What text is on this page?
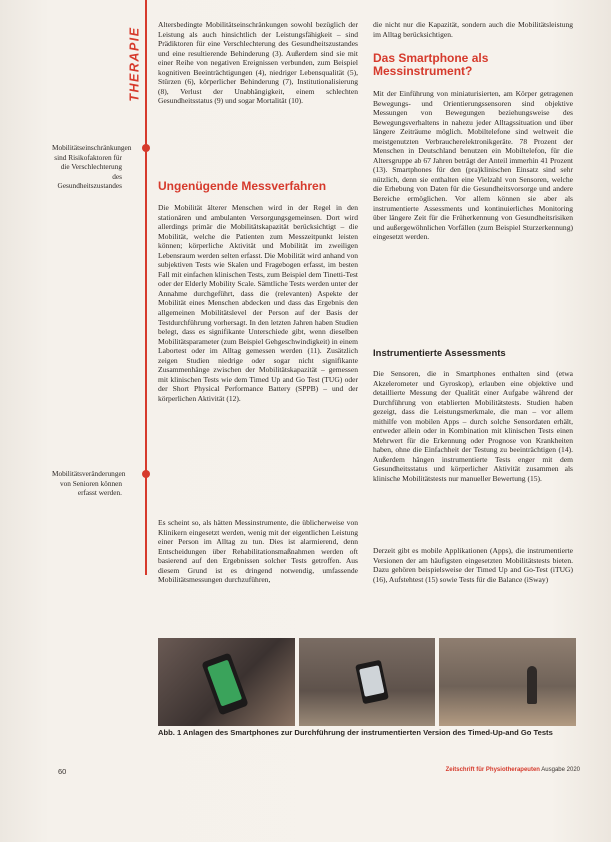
THERAPIE
Mobilitätseinschränkungen sind Risikofaktoren für die Verschlechterung des Gesundheitszustandes
Mobilitätsveränderungen von Senioren können erfasst werden.

Altersbedingte Mobilitätseinschränkungen sowohl bezüglich der Leistung als auch hinsichtlich der Leistungsfähigkeit – sind Prädiktoren für eine Verschlechterung des Gesundheitszustandes und eine resultierende Behinderung (3). Außerdem sind sie mit einer Reihe von negativen Ereignissen verbunden, zum Beispiel kognitiven Beeinträchtigungen (4), niedriger Lebensqualität (5), Stürzen (6), körperlicher Behinderung (7), Institutionalisierung (8), Verlust der Unabhängigkeit, einem schlechten Gesundheitsstatus (9) und sogar Mortalität (10).

Ungenügende Messverfahren

Die Mobilität älterer Menschen wird in der Regel in den stationären und ambulanten Versorgungsgemeinsen. Dort wird allerdings primär die Mobilitätskapazität berücksichtigt – die Mobilität, welche die Patienten zum Messzeitpunkt leisten können; körperliche Aktivität und Mobilität im zweiligen Lebensraum werden selten erfasst. Die Mobilität wird anhand von subjektiven Tests wie Skalen und Fragebogen erfasst, im besten Fall mit einfachen klinischen Tests, zum Beispiel dem Tinetti-Test oder der Elderly Mobility Scale. Sämtliche Tests werden unter der Annahme durchgeführt, dass die (relevanten) Aspekte der Mobilität eines Menschen abdecken und dass das Ergebnis den allgemeinen Mobilitätslevel der Person auf der Basis der Testdurchführung vorhersagt. In den letzten Jahren haben Studien belegt, dass es signifikante Unterschiede gibt, wenn dieselben Mobilitätsparameter (zum Beispiel Gehgeschwindigkeit) in einem Labortest oder im Alltag gemessen werden (11). Zusätzlich zeigen Studien niedrige oder sogar nicht signifikante Zusammenhänge zwischen der Mobilitätskapazität – gemessen mit klinischen Tests wie dem Timed Up and Go Test (TUG) oder der Short Physical Performance Battery (SPPB) – und der körperlichen Aktivität (12).

Es scheint so, als hätten Messinstrumente, die üblicherweise von Klinikern eingesetzt werden, wenig mit der eigentlichen Leistung einer Person im Alltag zu tun. Dies ist alarmierend, denn Entscheidungen über Rehabilitationsmaßnahmen werden oft basierend auf den Ergebnissen solcher Tests getroffen. Aus diesem Grund ist es dringend notwendig, umfassende Mobilitätsmessungen durchzuführen,

die nicht nur die Kapazität, sondern auch die Mobilitätsleistung im Alltag berücksichtigen.

Das Smartphone als Messinstrument?

Mit der Einführung von miniaturisierten, am Körper getragenen Bewegungs- und Orientierungssensoren sind objektive Messungen von Bewegungen beziehungsweise des Bewegungsverhaltens in nahezu jeder Alltagssituation und über längere Zeiträume möglich. Mobiltelefone sind weltweit die meistgenutzten Verbraucherelektronikgeräte. 78 Prozent der Menschen in Deutschland benutzen ein Mobiltelefon, für die Altersgruppe ab 67 Jahren beträgt der Anteil immerhin 41 Prozent (13). Smartphones für den (pra)klinischen Einsatz sind sehr nützlich, denn sie enthalten eine Vielzahl von Sensoren, welche die Erhebung von Daten für die Gesundheitsvorsorge und andere Bereiche ermöglichen. Vor allem können sie aber als instrumentierte Assessments und kontinuierliches Monitoring über längere Zeit für die Früherkennung von Gesundheitsrisiken und außergewöhnlichen Vorfällen (zum Beispiel Sturzerkennung) eingesetzt werden.

Instrumentierte Assessments

Die Sensoren, die in Smartphones enthalten sind (etwa Akzelerometer und Gyroskop), erlauben eine objektive und detaillierte Messung der Qualität einer Aufgabe während der Durchführung von etablierten Mobilitätstests. Studien haben gezeigt, dass die Leistungsmerkmale, die man – vor allem mithilfe von mobilen Apps – durch solche Sensordaten erhält, entweder allein oder in Kombination mit klinischen Tests einen Mehrwert für die Erkennung oder Prognose von Krankheiten haben, ohne die Einfachheit der Testung zu beeinträchtigen (14). Außerdem hängen instrumentierte Tests enger mit dem Gesundheitsstatus und körperlicher Aktivität zusammen als klinische Mobilitätstests nur manueller Bewertung (15).

Derzeit gibt es mobile Applikationen (Apps), die instrumentierte Versionen der am häufigsten eingesetzten Mobilitätstests bieten. Dazu gehören beispielsweise der Timed Up and Go-Test (iTUG) (16), Aufstehtest (15) sowie Tests für die Balance (iSway)

Abb. 1 Anlagen des Smartphones zur Durchführung der instrumentierten Version des Timed-Up-and Go Tests
60	Zeitschrift für Physiotherapeuten Ausgabe 2020
